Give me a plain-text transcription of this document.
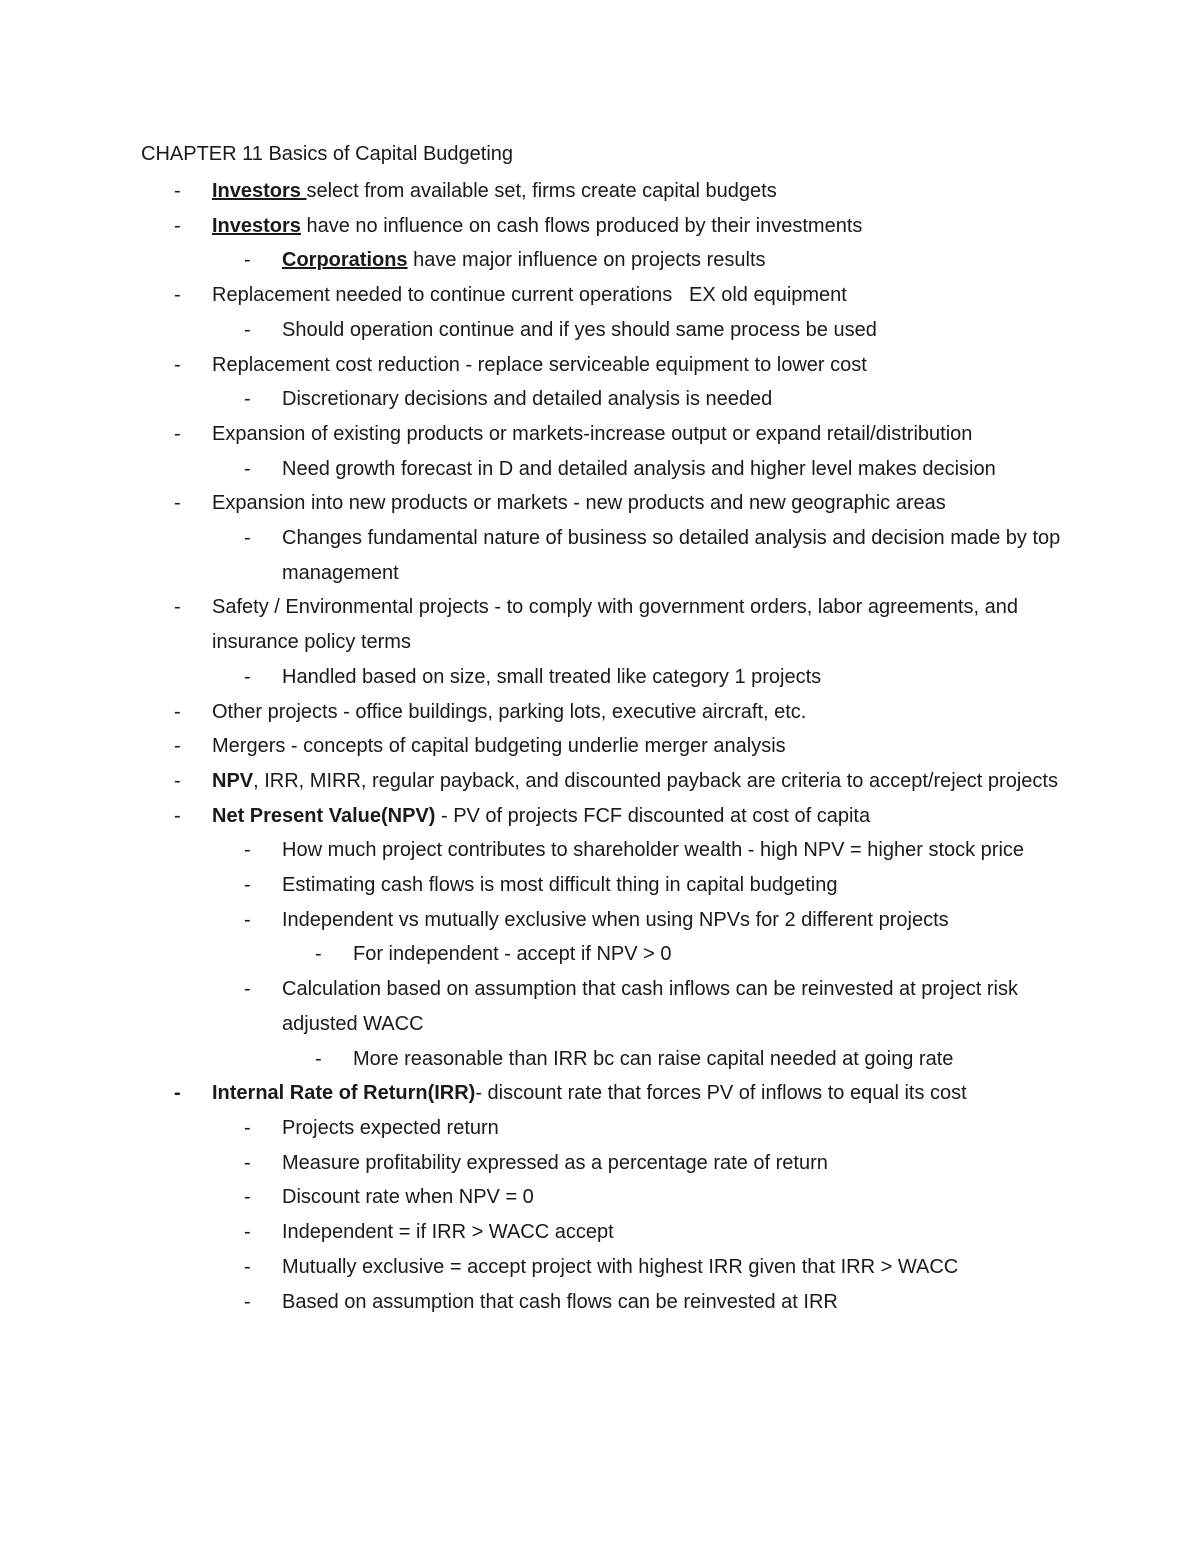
CHAPTER 11 Basics of Capital Budgeting
- Investors select from available set, firms create capital budgets
- Investors have no influence on cash flows produced by their investments
- Corporations have major influence on projects results
- Replacement needed to continue current operations   EX old equipment
- Should operation continue and if yes should same process be used
- Replacement cost reduction - replace serviceable equipment to lower cost
- Discretionary decisions and detailed analysis is needed
- Expansion of existing products or markets-increase output or expand retail/distribution
- Need growth forecast in D and detailed analysis and higher level makes decision
- Expansion into new products or markets - new products and new geographic areas
- Changes fundamental nature of business so detailed analysis and decision made by top management
- Safety / Environmental projects - to comply with government orders, labor agreements, and insurance policy terms
- Handled based on size, small treated like category 1 projects
- Other projects - office buildings, parking lots, executive aircraft, etc.
- Mergers - concepts of capital budgeting underlie merger analysis
- NPV, IRR, MIRR, regular payback, and discounted payback are criteria to accept/reject projects
- Net Present Value(NPV) - PV of projects FCF discounted at cost of capita
- How much project contributes to shareholder wealth - high NPV = higher stock price
- Estimating cash flows is most difficult thing in capital budgeting
- Independent vs mutually exclusive when using NPVs for 2 different projects
- For independent - accept if NPV > 0
- Calculation based on assumption that cash inflows can be reinvested at project risk adjusted WACC
- More reasonable than IRR bc can raise capital needed at going rate
- Internal Rate of Return(IRR)- discount rate that forces PV of inflows to equal its cost
- Projects expected return
- Measure profitability expressed as a percentage rate of return
- Discount rate when NPV = 0
- Independent = if IRR > WACC accept
- Mutually exclusive = accept project with highest IRR given that IRR > WACC
- Based on assumption that cash flows can be reinvested at IRR
